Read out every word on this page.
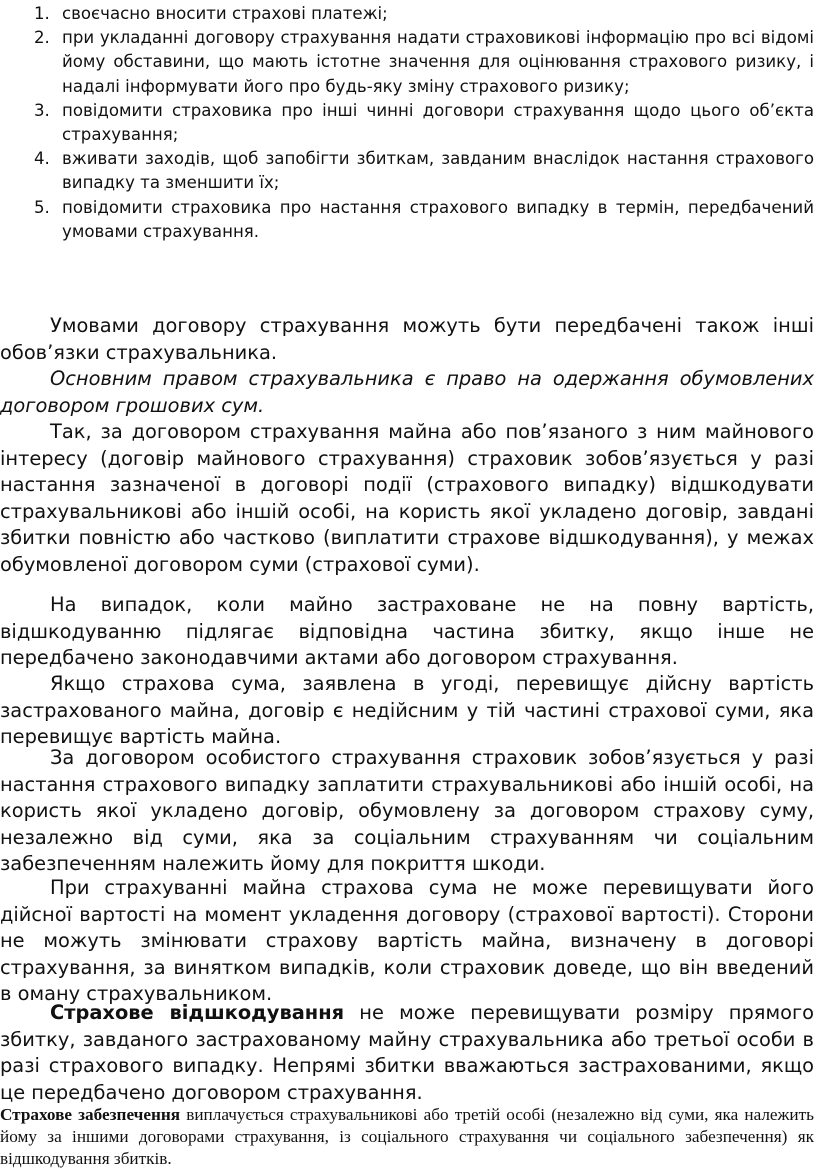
1. своєчасно вносити страхові платежі;
2. при укладанні договору страхування надати страховикові інформацію про всі відомі йому обставини, що мають істотне значення для оцінювання страхового ризику, і надалі інформувати його про будь-яку зміну страхового ризику;
3. повідомити страховика про інші чинні договори страхування щодо цього об’єкта страхування;
4. вживати заходів, щоб запобігти збиткам, завданим внаслідок настання страхового випадку та зменшити їх;
5. повідомити страховика про настання страхового випадку в термін, передбачений умовами страхування.

Умовами договору страхування можуть бути передбачені також інші обов’язки страхувальника.

Основним правом страхувальника є право на одержання обумовлених договором грошових сум.

Так, за договором страхування майна або пов’язаного з ним майнового інтересу (договір майнового страхування) страховик зобов’язується у разі настання зазначеної в договорі події (страхового випадку) відшкодувати страхувальникові або іншій особі, на користь якої укладено договір, завдані збитки повністю або частково (виплатити страхове відшкодування), у межах обумовленої договором суми (страхової суми).

На випадок, коли майно застраховане не на повну вартість, відшкодуванню підлягає відповідна частина збитку, якщо інше не передбачено законодавчими актами або договором страхування.

Якщо страхова сума, заявлена в угоді, перевищує дійсну вартість застрахованого майна, договір є недійсним у тій частині страхової суми, яка перевищує вартість майна.

За договором особистого страхування страховик зобов’язується у разі настання страхового випадку заплатити страхувальникові або іншій особі, на користь якої укладено договір, обумовлену за договором страхову суму, незалежно від суми, яка за соціальним страхуванням чи соціальним забезпеченням належить йому для покриття шкоди.

При страхуванні майна страхова сума не може перевищувати його дійсної вартості на момент укладення договору (страхової вартості). Сторони не можуть змінювати страхову вартість майна, визначену в договорі страхування, за винятком випадків, коли страховик доведе, що він введений в оману страхувальником.

Страхове відшкодування не може перевищувати розміру прямого збитку, завданого застрахованому майну страхувальника або третьої особи в разі страхового випадку. Непрямі збитки вважаються застрахованими, якщо це передбачено договором страхування.

Страхове забезпечення виплачується страхувальникові або третій особі (незалежно від суми, яка належить йому за іншими договорами страхування, із соціального страхування чи соціального забезпечення) як відшкодування збитків.
